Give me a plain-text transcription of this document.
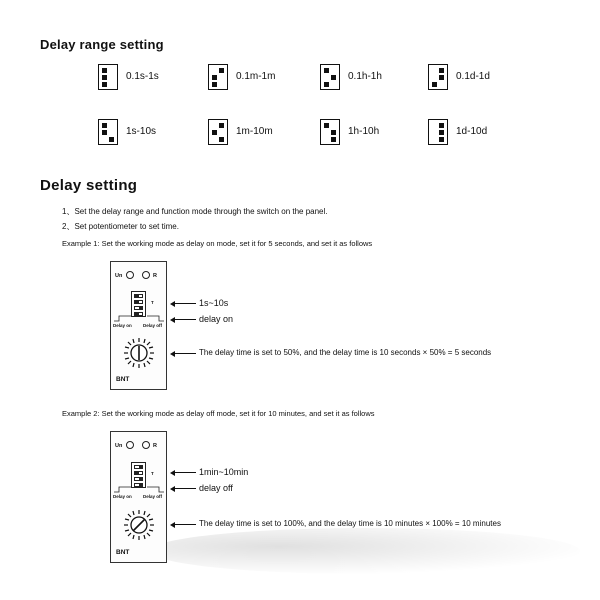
Delay range setting
0.1s-1s	0.1m-1m	0.1h-1h	0.1d-1d
1s-10s	1m-10m	1h-10h	1d-10d
Delay setting
1、Set the delay range and function mode through the switch on the panel.
2、Set potentiometer to set time.
Example 1: Set the working mode as delay on mode, set it for 5 seconds, and set it as follows
Un	R
T
Delay on Delay off
BNT
1s~10s
delay on
The delay time is set to 50%, and the delay time is 10 seconds × 50% = 5 seconds
Example 2: Set the working mode as delay off mode, set it for 10 minutes, and set it as follows
Un	R
T
Delay on Delay off
BNT
1min~10min
delay off
The delay time is set to 100%, and the delay time is 10 minutes × 100% = 10 minutes
